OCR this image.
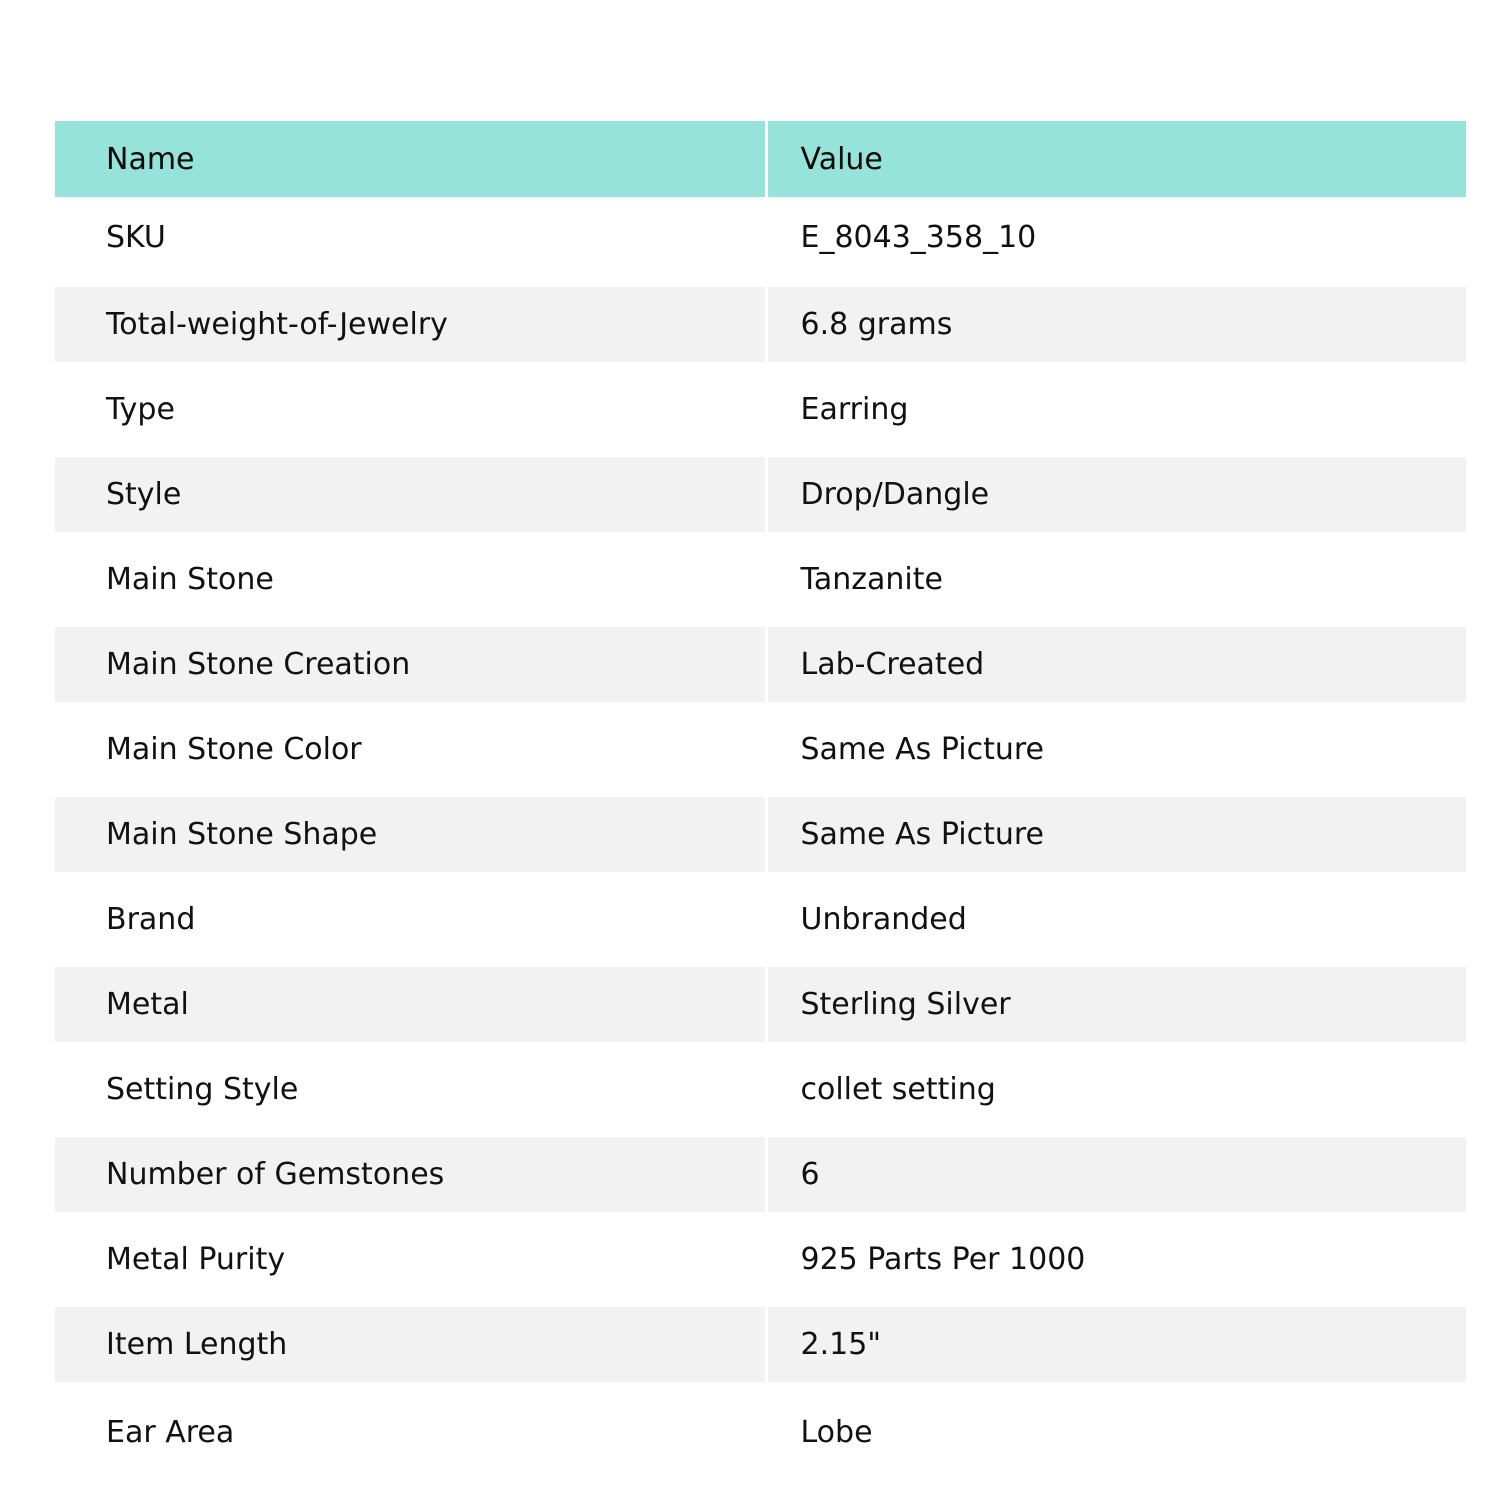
Name	Value
SKU	E_8043_358_10
Total-weight-of-Jewelry	6.8 grams
Type	Earring
Style	Drop/Dangle
Main Stone	Tanzanite
Main Stone Creation	Lab-Created
Main Stone Color	Same As Picture
Main Stone Shape	Same As Picture
Brand	Unbranded
Metal	Sterling Silver
Setting Style	collet setting
Number of Gemstones	6
Metal Purity	925 Parts Per 1000
Item Length	2.15"
Ear Area	Lobe
